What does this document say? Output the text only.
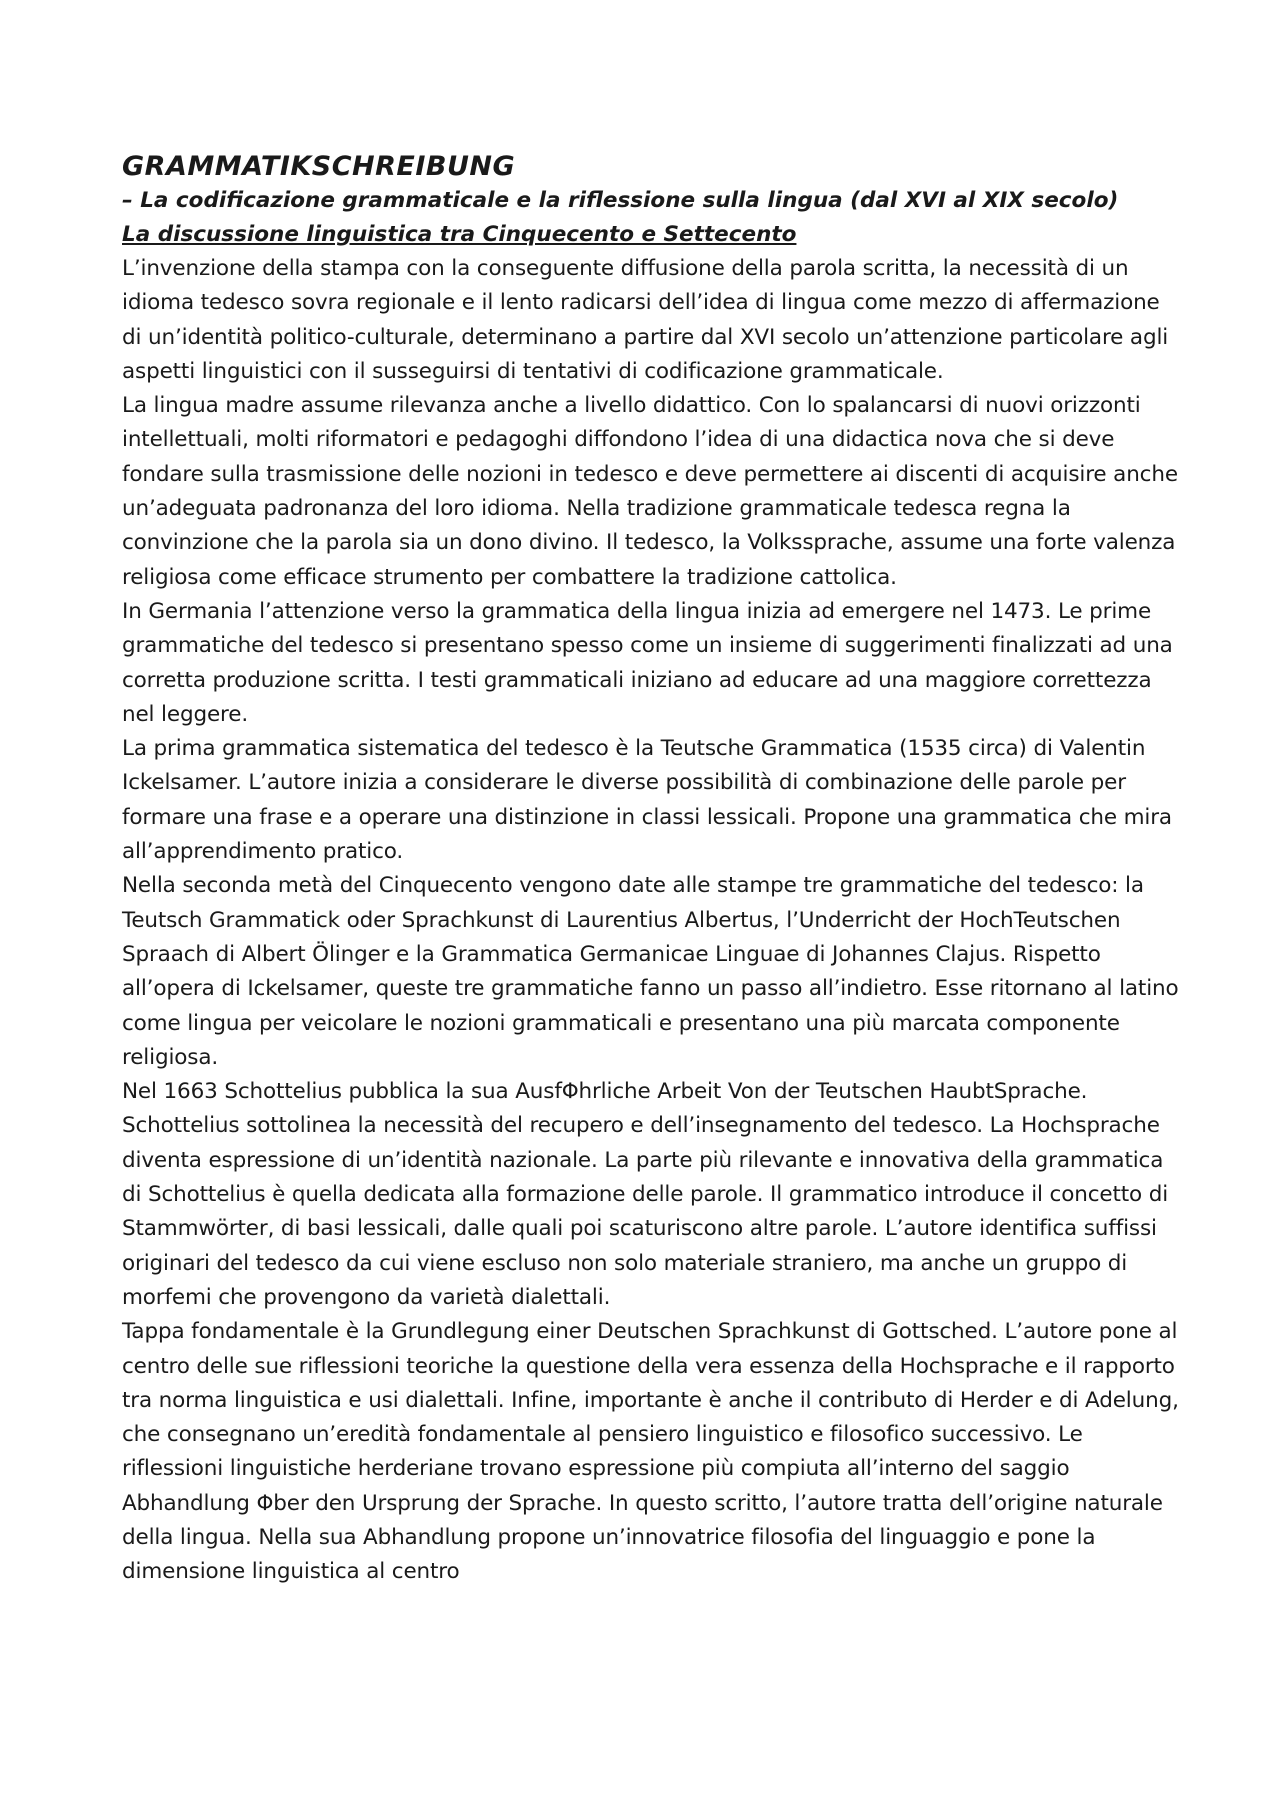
GRAMMATIKSCHREIBUNG

– La codificazione grammaticale e la riflessione sulla lingua (dal XVI al XIX secolo)

La discussione linguistica tra Cinquecento e Settecento

L’invenzione della stampa con la conseguente diffusione della parola scritta, la necessità di un idioma tedesco sovra regionale e il lento radicarsi dell’idea di lingua come mezzo di affermazione di un’identità politico-culturale, determinano a partire dal XVI secolo un’attenzione particolare agli aspetti linguistici con il susseguirsi di tentativi di codificazione grammaticale.

La lingua madre assume rilevanza anche a livello didattico. Con lo spalancarsi di nuovi orizzonti intellettuali, molti riformatori e pedagoghi diffondono l’idea di una didactica nova che si deve fondare sulla trasmissione delle nozioni in tedesco e deve permettere ai discenti di acquisire anche un’adeguata padronanza del loro idioma. Nella tradizione grammaticale tedesca regna la convinzione che la parola sia un dono divino. Il tedesco, la Volkssprache, assume una forte valenza religiosa come efficace strumento per combattere la tradizione cattolica.

In Germania l’attenzione verso la grammatica della lingua inizia ad emergere nel 1473. Le prime grammatiche del tedesco si presentano spesso come un insieme di suggerimenti finalizzati ad una corretta produzione scritta. I testi grammaticali iniziano ad educare ad una maggiore correttezza nel leggere.

La prima grammatica sistematica del tedesco è la Teutsche Grammatica (1535 circa) di Valentin Ickelsamer. L’autore inizia a considerare le diverse possibilità di combinazione delle parole per formare una frase e a operare una distinzione in classi lessicali. Propone una grammatica che mira all’apprendimento pratico.

Nella seconda metà del Cinquecento vengono date alle stampe tre grammatiche del tedesco: la Teutsch Grammatick oder Sprachkunst di Laurentius Albertus, l’Underricht der HochTeutschen Spraach di Albert Ölinger e la Grammatica Germanicae Linguae di Johannes Clajus. Rispetto all’opera di Ickelsamer, queste tre grammatiche fanno un passo all’indietro. Esse ritornano al latino come lingua per veicolare le nozioni grammaticali e presentano una più marcata componente religiosa.

Nel 1663 Schottelius pubblica la sua AusfΦhrliche Arbeit Von der Teutschen HaubtSprache. Schottelius sottolinea la necessità del recupero e dell’insegnamento del tedesco. La Hochsprache diventa espressione di un’identità nazionale. La parte più rilevante e innovativa della grammatica di Schottelius è quella dedicata alla formazione delle parole. Il grammatico introduce il concetto di Stammwörter, di basi lessicali, dalle quali poi scaturiscono altre parole. L’autore identifica suffissi originari del tedesco da cui viene escluso non solo materiale straniero, ma anche un gruppo di morfemi che provengono da varietà dialettali.

Tappa fondamentale è la Grundlegung einer Deutschen Sprachkunst di Gottsched. L’autore pone al centro delle sue riflessioni teoriche la questione della vera essenza della Hochsprache e il rapporto tra norma linguistica e usi dialettali. Infine, importante è anche il contributo di Herder e di Adelung, che consegnano un’eredità fondamentale al pensiero linguistico e filosofico successivo. Le riflessioni linguistiche herderiane trovano espressione più compiuta all’interno del saggio Abhandlung Φber den Ursprung der Sprache. In questo scritto, l’autore tratta dell’origine naturale della lingua. Nella sua Abhandlung propone un’innovatrice filosofia del linguaggio e pone la dimensione linguistica al centro
